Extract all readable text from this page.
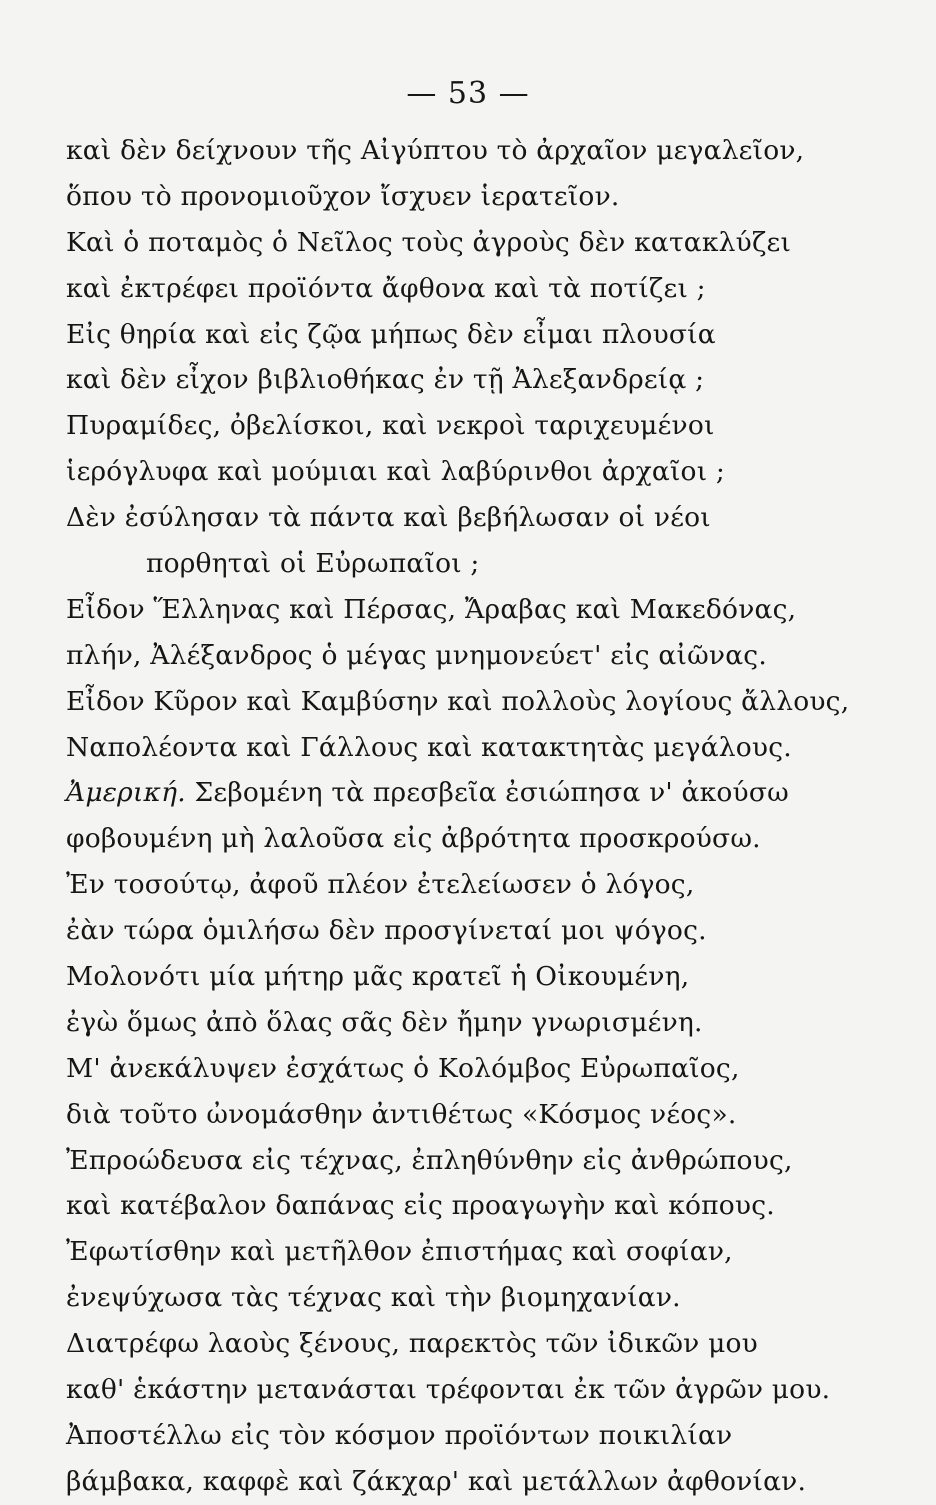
— 53 —
καὶ δὲν δείχνουν τῆς Αἰγύπτου τὸ ἀρχαῖον μεγαλεῖον,
ὅπου τὸ προνομιοῦχον ἴσχυεν ἱερατεῖον.
Καὶ ὁ ποταμὸς ὁ Νεῖλος τοὺς ἀγροὺς δὲν κατακλύζει
καὶ ἐκτρέφει προϊόντα ἄφθονα καὶ τὰ ποτίζει ;
Εἰς θηρία καὶ εἰς ζῷα μήπως δὲν εἶμαι πλουσία
καὶ δὲν εἶχον βιβλιοθήκας ἐν τῇ Ἀλεξανδρείᾳ ;
Πυραμίδες, ὀβελίσκοι, καὶ νεκροὶ ταριχευμένοι
ἱερόγλυφα καὶ μούμιαι καὶ λαβύρινθοι ἀρχαῖοι ;
Δὲν ἐσύλησαν τὰ πάντα καὶ βεβήλωσαν οἱ νέοι
πορθηταὶ οἱ Εὐρωπαῖοι ;
Εἶδον Ἕλληνας καὶ Πέρσας, Ἄραβας καὶ Μακεδόνας,
πλήν, Ἀλέξανδρος ὁ μέγας μνημονεύετ' εἰς αἰῶνας.
Εἶδον Κῦρον καὶ Καμβύσην καὶ πολλοὺς λογίους ἄλλους,
Ναπολέοντα καὶ Γάλλους καὶ κατακτητὰς μεγάλους.
Ἀμερική. Σεβομένη τὰ πρεσβεῖα ἐσιώπησα ν' ἀκούσω
φοβουμένη μὴ λαλοῦσα εἰς ἀβρότητα προσκρούσω.
Ἐν τοσούτῳ, ἀφοῦ πλέον ἐτελείωσεν ὁ λόγος,
ἐὰν τώρα ὁμιλήσω δὲν προσγίνεταί μοι ψόγος.
Μολονότι μία μήτηρ μᾶς κρατεῖ ἡ Οἰκουμένη,
ἐγὼ ὅμως ἀπὸ ὅλας σᾶς δὲν ἤμην γνωρισμένη.
Μ' ἀνεκάλυψεν ἐσχάτως ὁ Κολόμβος Εὐρωπαῖος,
διὰ τοῦτο ὠνομάσθην ἀντιθέτως «Κόσμος νέος».
Ἐπροώδευσα εἰς τέχνας, ἐπληθύνθην εἰς ἀνθρώπους,
καὶ κατέβαλον δαπάνας εἰς προαγωγὴν καὶ κόπους.
Ἐφωτίσθην καὶ μετῆλθον ἐπιστήμας καὶ σοφίαν,
ἐνεψύχωσα τὰς τέχνας καὶ τὴν βιομηχανίαν.
Διατρέφω λαοὺς ξένους, παρεκτὸς τῶν ἰδικῶν μου
καθ' ἑκάστην μετανάσται τρέφονται ἐκ τῶν ἀγρῶν μου.
Ἀποστέλλω εἰς τὸν κόσμον προϊόντων ποικιλίαν
βάμβακα, καφφὲ καὶ ζάκχαρ' καὶ μετάλλων ἀφθονίαν.
